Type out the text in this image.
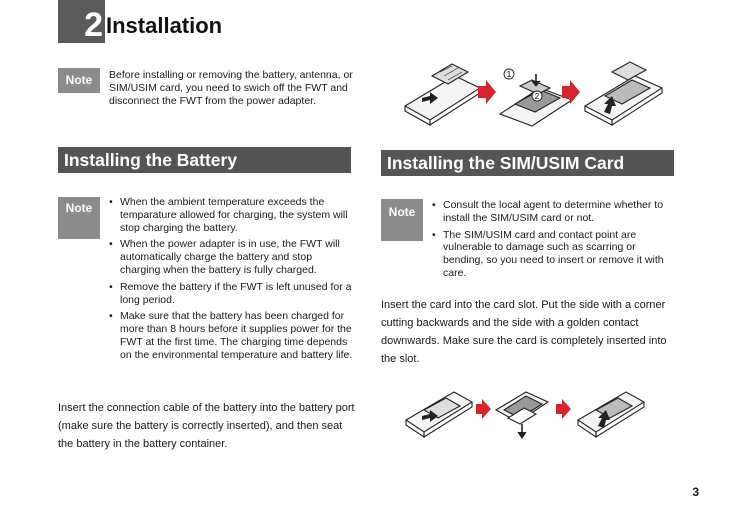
2 Installation
Note	Before installing or removing the battery, antenna, or SIM/USIM card, you need to swich off the FWT and disconnect the FWT from the power adapter.
Installing the Battery
Note	• When the ambient temperature exceeds the temparature allowed for charging, the system will stop charging the battery.
• When the power adapter is in use, the FWT will automatically charge the battery and stop charging when the battery is fully charged.
• Remove the battery if the FWT is left unused for a long period.
• Make sure that the battery has been charged for more than 8 hours before it supplies power for the FWT at the first time. The charging time depends on the environmental temperature and battery life.
Insert the connection cable of the battery into the battery port (make sure the battery is correctly inserted), and then seat the battery in the battery container.
Installing the SIM/USIM Card
Note	• Consult the local agent to determine whether to install the SIM/USIM card or not.
• The SIM/USIM card and contact point are vulnerable to damage such as scarring or bending, so you need to insert or remove it with care.
Insert the card into the card slot. Put the side with a corner cutting backwards and the side with a golden contact downwards. Make sure the card is completely inserted into the slot.
1
2
3
